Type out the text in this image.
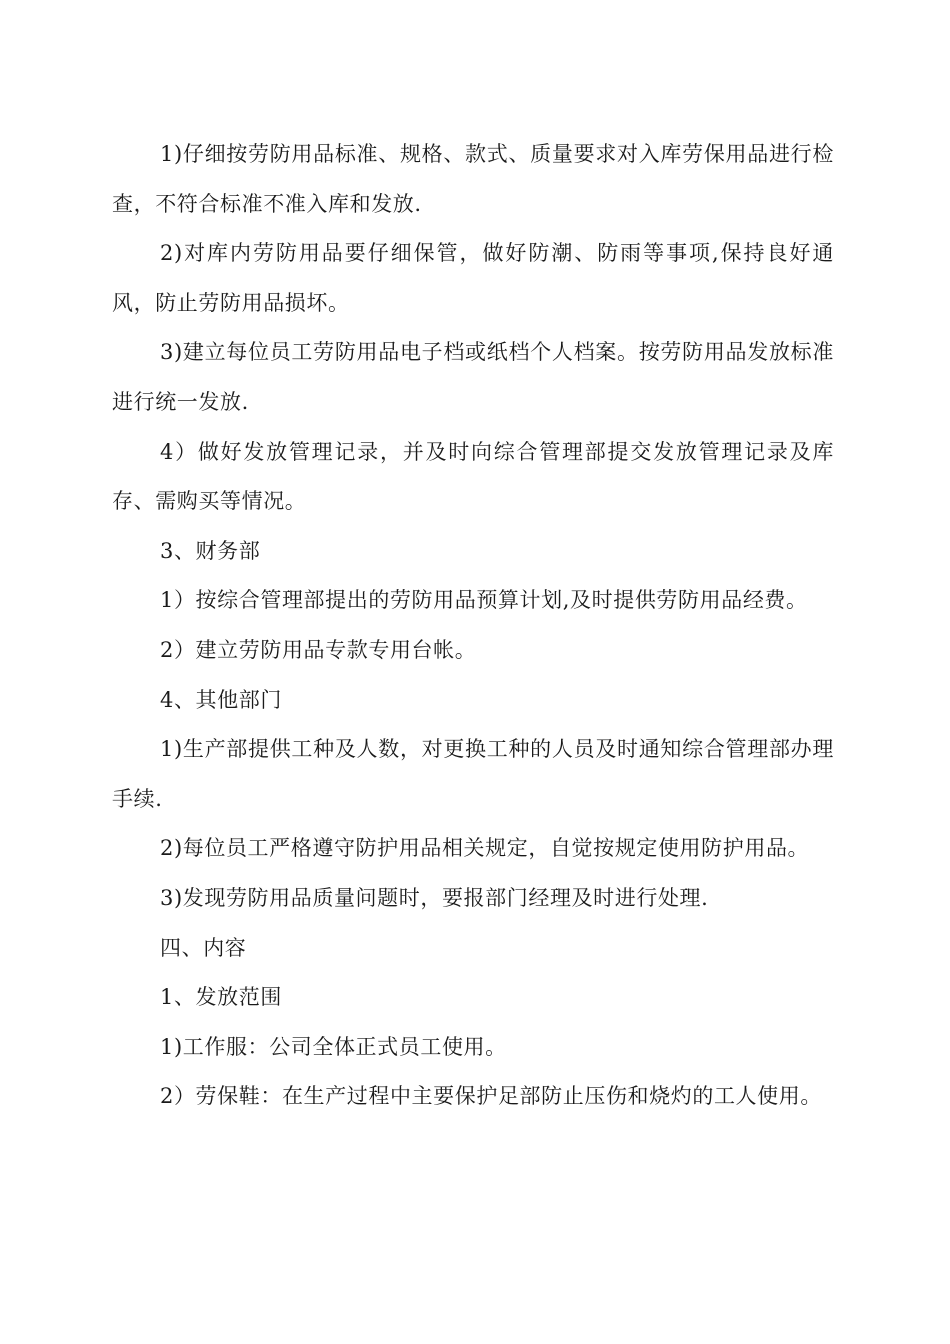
1)仔细按劳防用品标准、规格、款式、质量要求对入库劳保用品进行检查，不符合标准不准入库和发放.

2)对库内劳防用品要仔细保管，做好防潮、防雨等事项,保持良好通风，防止劳防用品损坏。

3)建立每位员工劳防用品电子档或纸档个人档案。按劳防用品发放标准进行统一发放.

4）做好发放管理记录，并及时向综合管理部提交发放管理记录及库存、需购买等情况。

3、财务部

1）按综合管理部提出的劳防用品预算计划,及时提供劳防用品经费。

2）建立劳防用品专款专用台帐。

4、其他部门

1)生产部提供工种及人数，对更换工种的人员及时通知综合管理部办理手续.

2)每位员工严格遵守防护用品相关规定，自觉按规定使用防护用品。

3)发现劳防用品质量问题时，要报部门经理及时进行处理.

四、内容

1、发放范围

1)工作服：公司全体正式员工使用。

2）劳保鞋：在生产过程中主要保护足部防止压伤和烧灼的工人使用。
